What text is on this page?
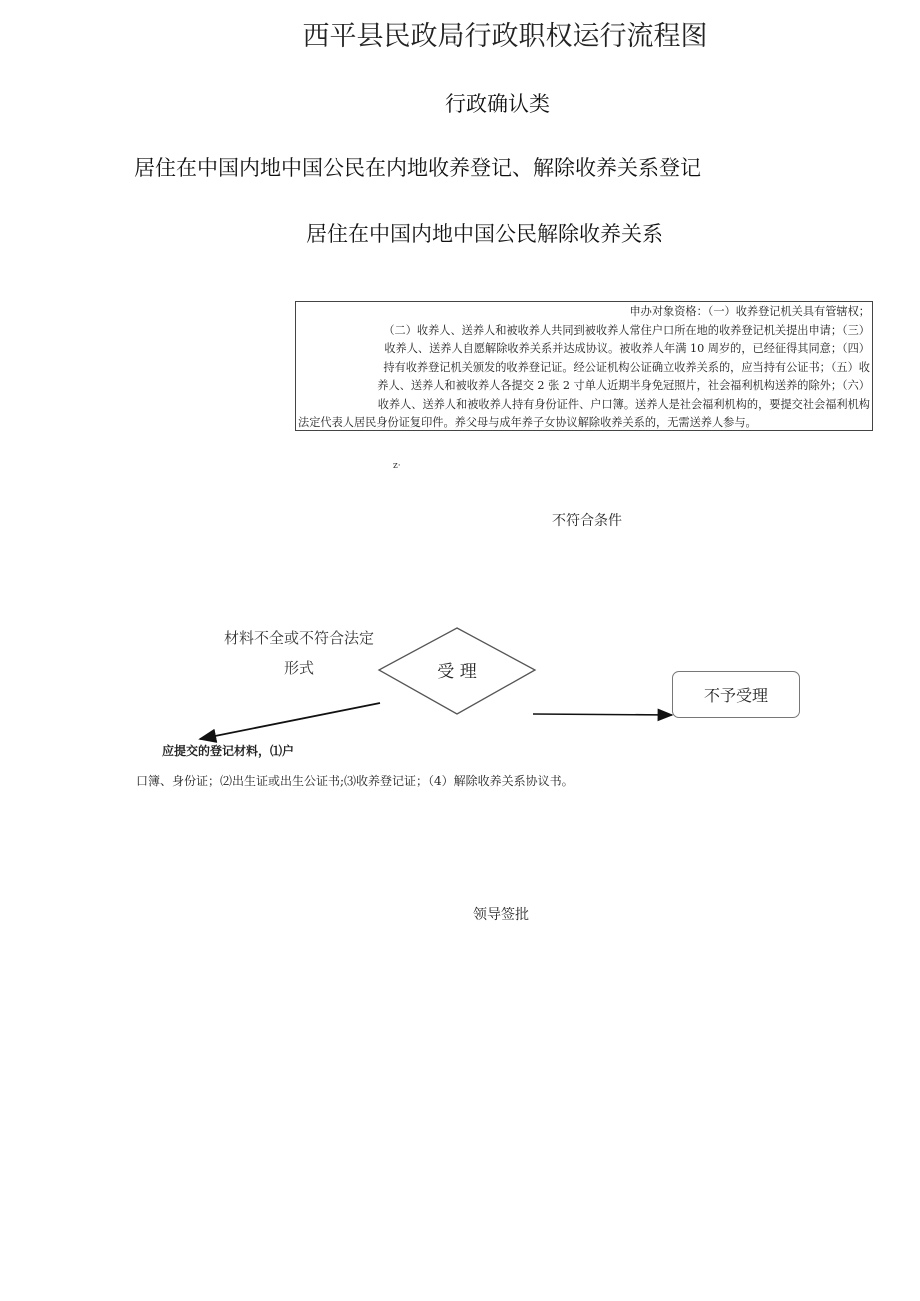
西平县民政局行政职权运行流程图
行政确认类
居住在中国内地中国公民在内地收养登记、解除收养关系登记
居住在中国内地中国公民解除收养关系
申办对象资格：（一）收养登记机关具有管辖权；
（二）收养人、送养人和被收养人共同到被收养人常住户口所在地的收养登记机关提出申请；（三）
收养人、送养人自愿解除收养关系并达成协议。被收养人年满 10 周岁的，已经征得其同意；（四）
持有收养登记机关颁发的收养登记证。经公证机构公证确立收养关系的，应当持有公证书；（五）收
养人、送养人和被收养人各提交 2 张 2 寸单人近期半身免冠照片，社会福利机构送养的除外；（六）
收养人、送养人和被收养人持有身份证件、户口簿。送养人是社会福利机构的，要提交社会福利机构
法定代表人居民身份证复印件。养父母与成年养子女协议解除收养关系的，无需送养人参与。
z·
不符合条件
受 理
材料不全或不符合法定形式
不予受理
应提交的登记材料，⑴户
口簿、身份证；⑵出生证或出生公证书;⑶收养登记证；（4）解除收养关系协议书。
领导签批
